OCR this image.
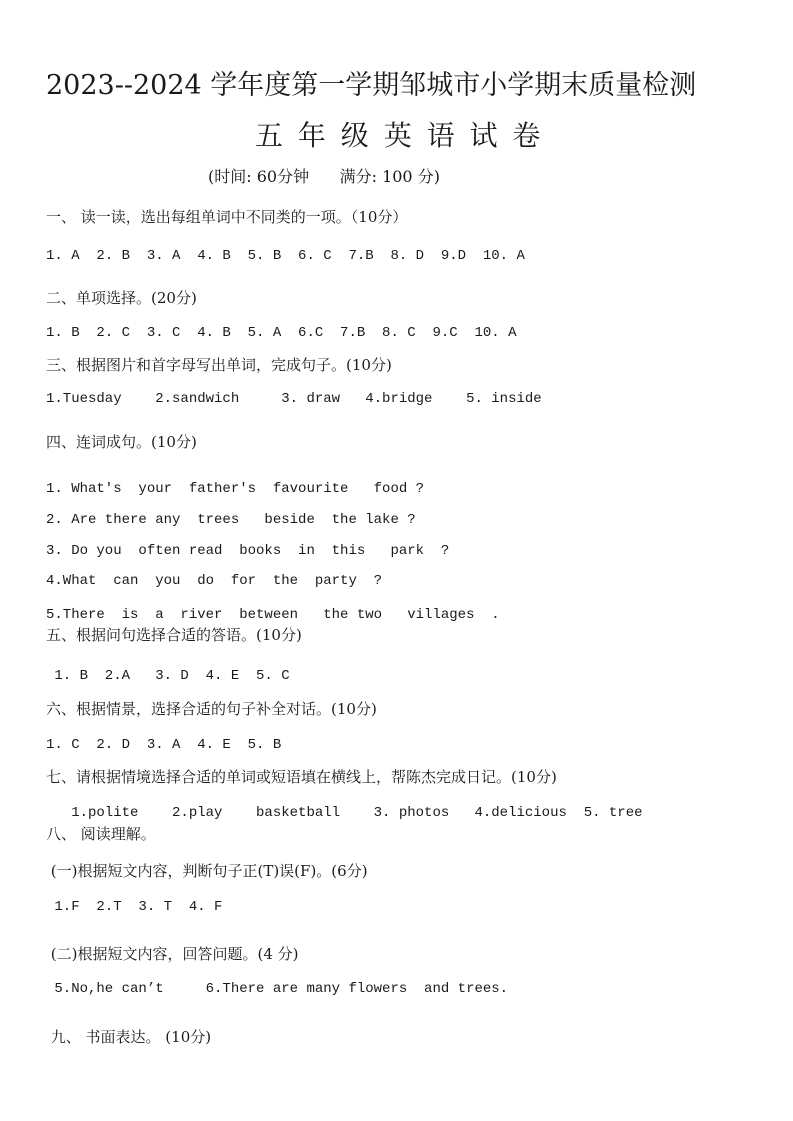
2023--2024 学年度第一学期邹城市小学期末质量检测
五 年 级 英 语 试 卷
(时间: 60分钟      满分: 100 分)
一、 读一读，选出每组单词中不同类的一项。（10分）
1. A  2. B  3. A  4. B  5. B  6. C  7.B  8. D  9.D  10. A
二、单项选择。(20分)
1. B  2. C  3. C  4. B  5. A  6.C  7.B  8. C  9.C  10. A
三、根据图片和首字母写出单词，完成句子。(10分)
1.Tuesday    2.sandwich     3. draw   4.bridge    5. inside
四、连词成句。(10分)
1. What's  your  father's  favourite   food ?
2. Are there any  trees   beside  the lake ?
3. Do you  often read  books  in  this   park  ?
4.What  can  you  do  for  the  party  ?
5.There  is  a  river  between   the two   villages  .
五、根据问句选择合适的答语。(10分)
1. B  2.A   3. D  4. E  5. C
六、根据情景，选择合适的句子补全对话。(10分)
1. C  2. D  3. A  4. E  5. B
七、请根据情境选择合适的单词或短语填在横线上，帮陈杰完成日记。(10分)
1.polite    2.play    basketball    3. photos   4.delicious  5. tree
八、 阅读理解。
(一)根据短文内容，判断句子正(T)误(F)。(6分)
1.F  2.T  3. T  4. F
(二)根据短文内容，回答问题。(4 分)
5.No,he can’t     6.There are many flowers  and trees.
九、 书面表达。 (10分)
